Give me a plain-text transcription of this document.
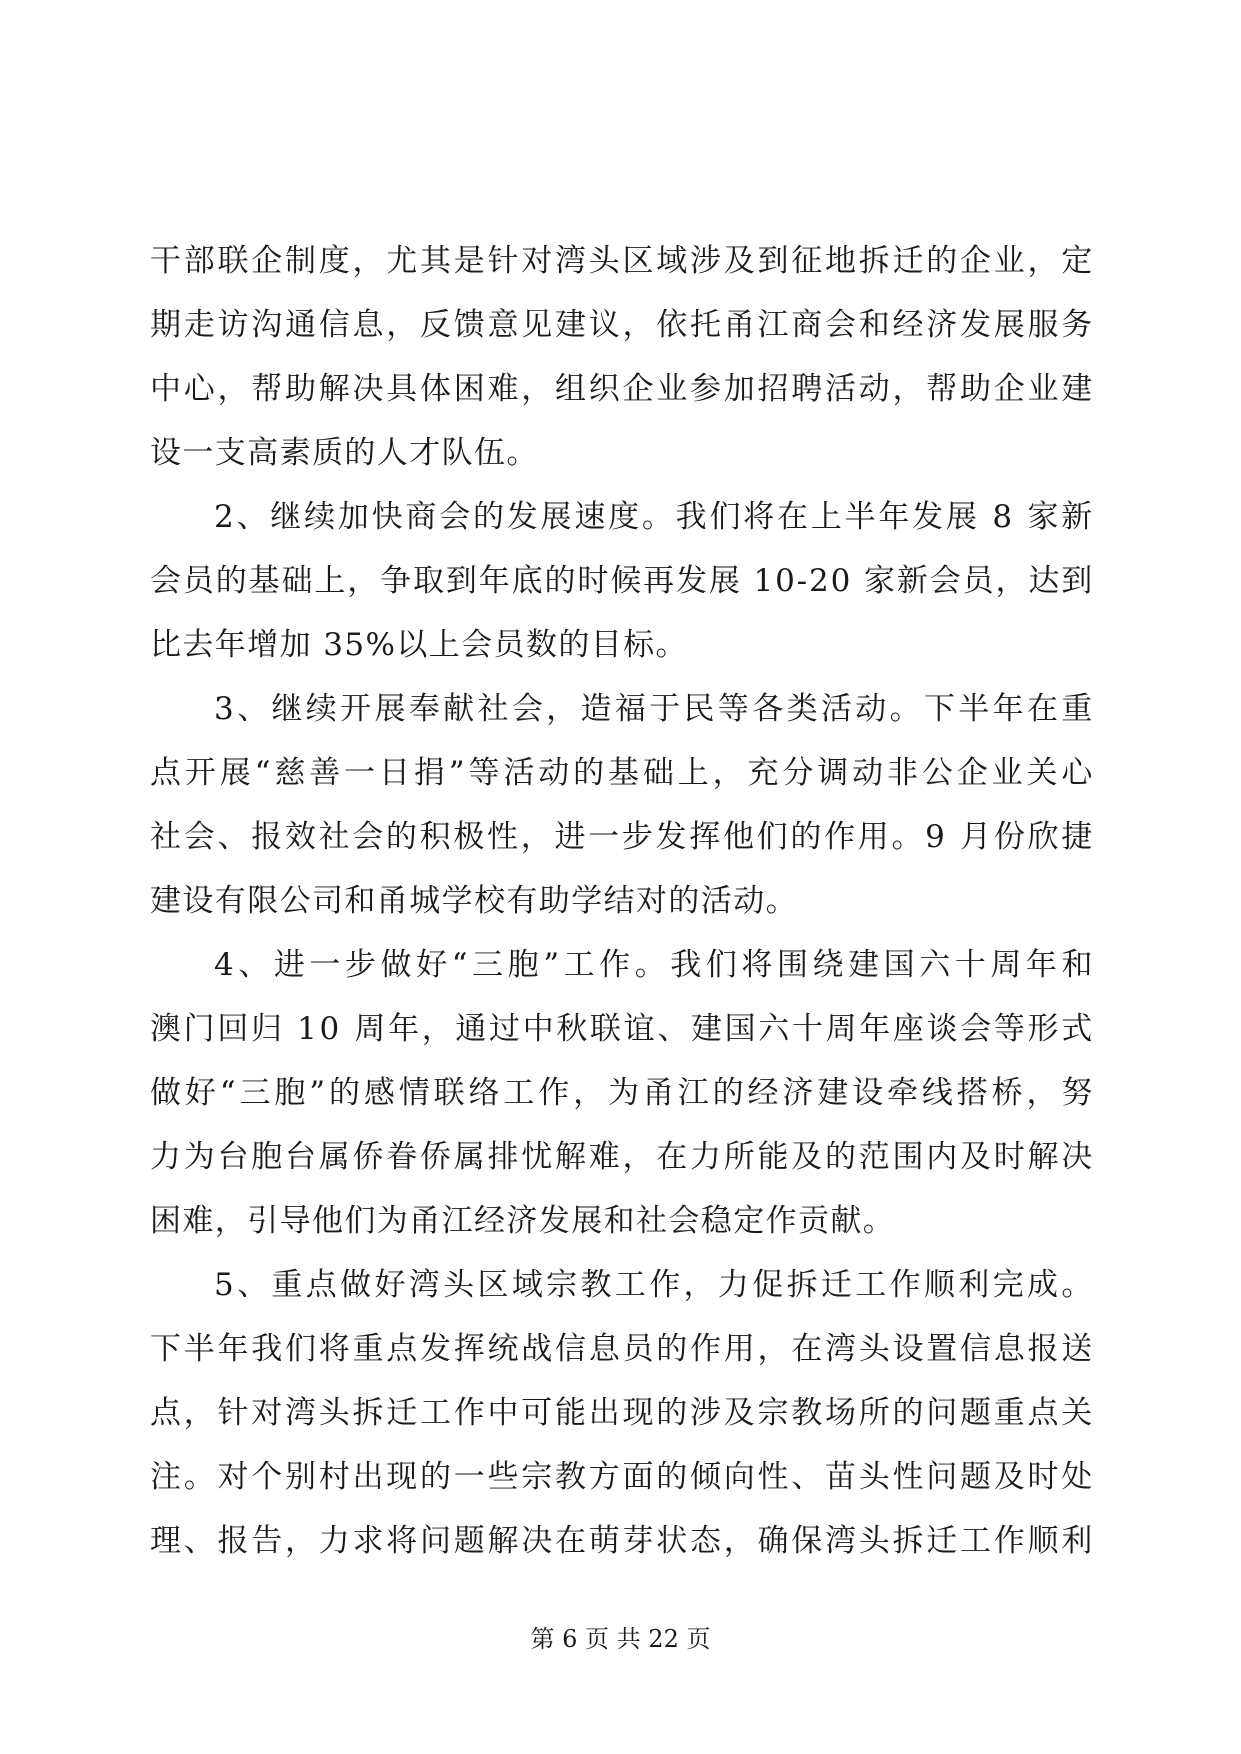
干 部 联 企 制 度 ， 尤 其 是 针 对 湾 头 区 域 涉 及 到 征 地 拆 迁 的 企 业 ， 定
期 走 访 沟 通 信 息 ， 反 馈 意 见 建 议 ， 依 托 甬 江 商 会 和 经 济 发 展 服 务
中 心 ， 帮 助 解 决 具 体 困 难 ， 组 织 企 业 参 加 招 聘 活 动 ， 帮 助 企 业 建
设一支高素质的人才队伍。
2 、 继 续 加 快 商 会 的 发 展 速 度 。 我 们 将 在 上 半 年 发 展
8
家 新
会 员 的 基 础 上 ， 争 取 到 年 底 的 时 候 再 发 展
1 0 - 2 0
家 新 会 员 ， 达 到
比去年增加 35%以上会员数的目标。
3 、 继 续 开 展 奉 献 社 会 ， 造 福 于 民 等 各 类 活 动 。 下 半 年 在 重
点 开 展 “ 慈 善 一 日 捐 ” 等 活 动 的 基 础 上 ， 充 分 调 动 非 公 企 业 关 心
社 会 、 报 效 社 会 的 积 极 性 ， 进 一 步 发 挥 他 们 的 作 用 。 9
月 份 欣 捷
建设有限公司和甬城学校有助学结对的活动。
4 、 进 一 步 做 好 “ 三 胞 ” 工 作 。 我 们 将 围 绕 建 国 六 十 周 年 和
澳 门 回 归
1 0
周 年 ， 通 过 中 秋 联 谊 、 建 国 六 十 周 年 座 谈 会 等 形 式
做 好 “ 三 胞 ” 的 感 情 联 络 工 作 ， 为 甬 江 的 经 济 建 设 牵 线 搭 桥 ， 努
力 为 台 胞 台 属 侨 眷 侨 属 排 忧 解 难 ， 在 力 所 能 及 的 范 围 内 及 时 解 决
困难，引导他们为甬江经济发展和社会稳定作贡献。
5 、 重 点 做 好 湾 头 区 域 宗 教 工 作 ， 力 促 拆 迁 工 作 顺 利 完 成 。
下 半 年 我 们 将 重 点 发 挥 统 战 信 息 员 的 作 用 ， 在 湾 头 设 置 信 息 报 送
点 ， 针 对 湾 头 拆 迁 工 作 中 可 能 出 现 的 涉 及 宗 教 场 所 的 问 题 重 点 关
注 。 对 个 别 村 出 现 的 一 些 宗 教 方 面 的 倾 向 性 、 苗 头 性 问 题 及 时 处
理 、 报 告 ， 力 求 将 问 题 解 决 在 萌 芽 状 态 ， 确 保 湾 头 拆 迁 工 作 顺 利
第 6 页 共 22 页
